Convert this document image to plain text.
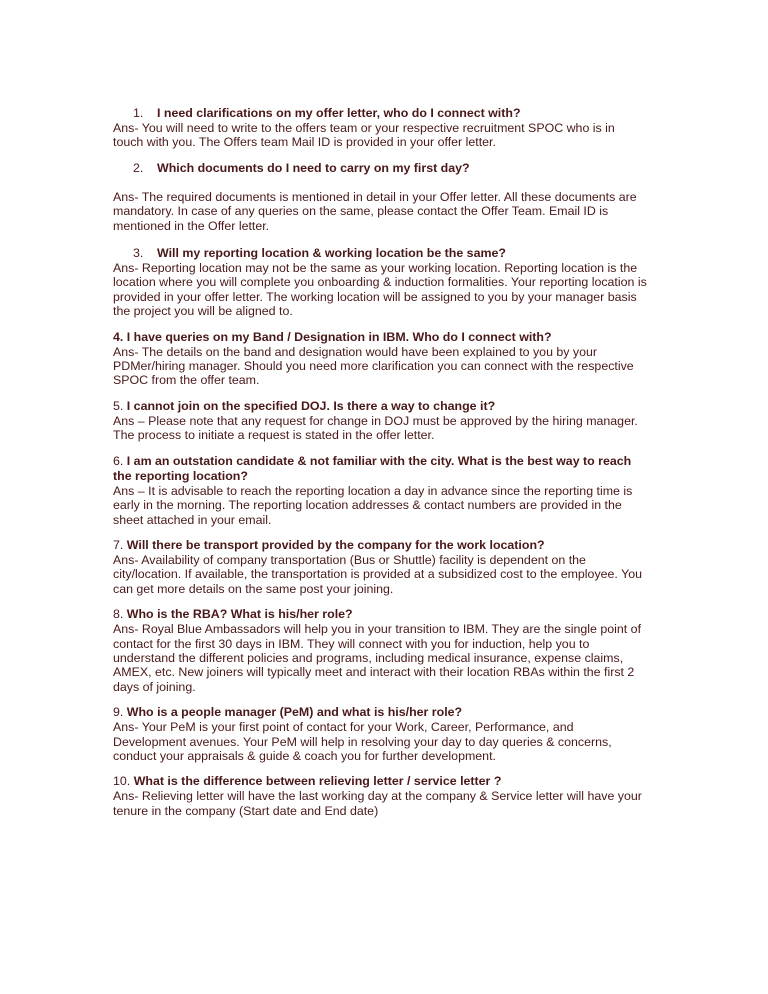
1. I need clarifications on my offer letter, who do I connect with?
Ans- You will need to write to the offers team or your respective recruitment SPOC who is in
touch with you. The Offers team Mail ID is provided in your offer letter.
2. Which documents do I need to carry on my first day?
Ans- The required documents is mentioned in detail in your Offer letter. All these documents are
mandatory. In case of any queries on the same, please contact the Offer Team. Email ID is
mentioned in the Offer letter.
3. Will my reporting location & working location be the same?
Ans- Reporting location may not be the same as your working location. Reporting location is the
location where you will complete you onboarding & induction formalities. Your reporting location is
provided in your offer letter. The working location will be assigned to you by your manager basis
the project you will be aligned to.
4. I have queries on my Band / Designation in IBM. Who do I connect with?
Ans- The details on the band and designation would have been explained to you by your
PDMer/hiring manager. Should you need more clarification you can connect with the respective
SPOC from the offer team.
5. I cannot join on the specified DOJ. Is there a way to change it?
Ans – Please note that any request for change in DOJ must be approved by the hiring manager.
The process to initiate a request is stated in the offer letter.
6. I am an outstation candidate & not familiar with the city. What is the best way to reach
the reporting location?
Ans – It is advisable to reach the reporting location a day in advance since the reporting time is
early in the morning. The reporting location addresses & contact numbers are provided in the
sheet attached in your email.
7. Will there be transport provided by the company for the work location?
Ans- Availability of company transportation (Bus or Shuttle) facility is dependent on the
city/location. If available, the transportation is provided at a subsidized cost to the employee. You
can get more details on the same post your joining.
8. Who is the RBA? What is his/her role?
Ans- Royal Blue Ambassadors will help you in your transition to IBM. They are the single point of
contact for the first 30 days in IBM. They will connect with you for induction, help you to
understand the different policies and programs, including medical insurance, expense claims,
AMEX, etc. New joiners will typically meet and interact with their location RBAs within the first 2
days of joining.
9. Who is a people manager (PeM) and what is his/her role?
Ans- Your PeM is your first point of contact for your Work, Career, Performance, and
Development avenues. Your PeM will help in resolving your day to day queries & concerns,
conduct your appraisals & guide & coach you for further development.
10. What is the difference between relieving letter / service letter ?
Ans- Relieving letter will have the last working day at the company & Service letter will have your
tenure in the company (Start date and End date)
